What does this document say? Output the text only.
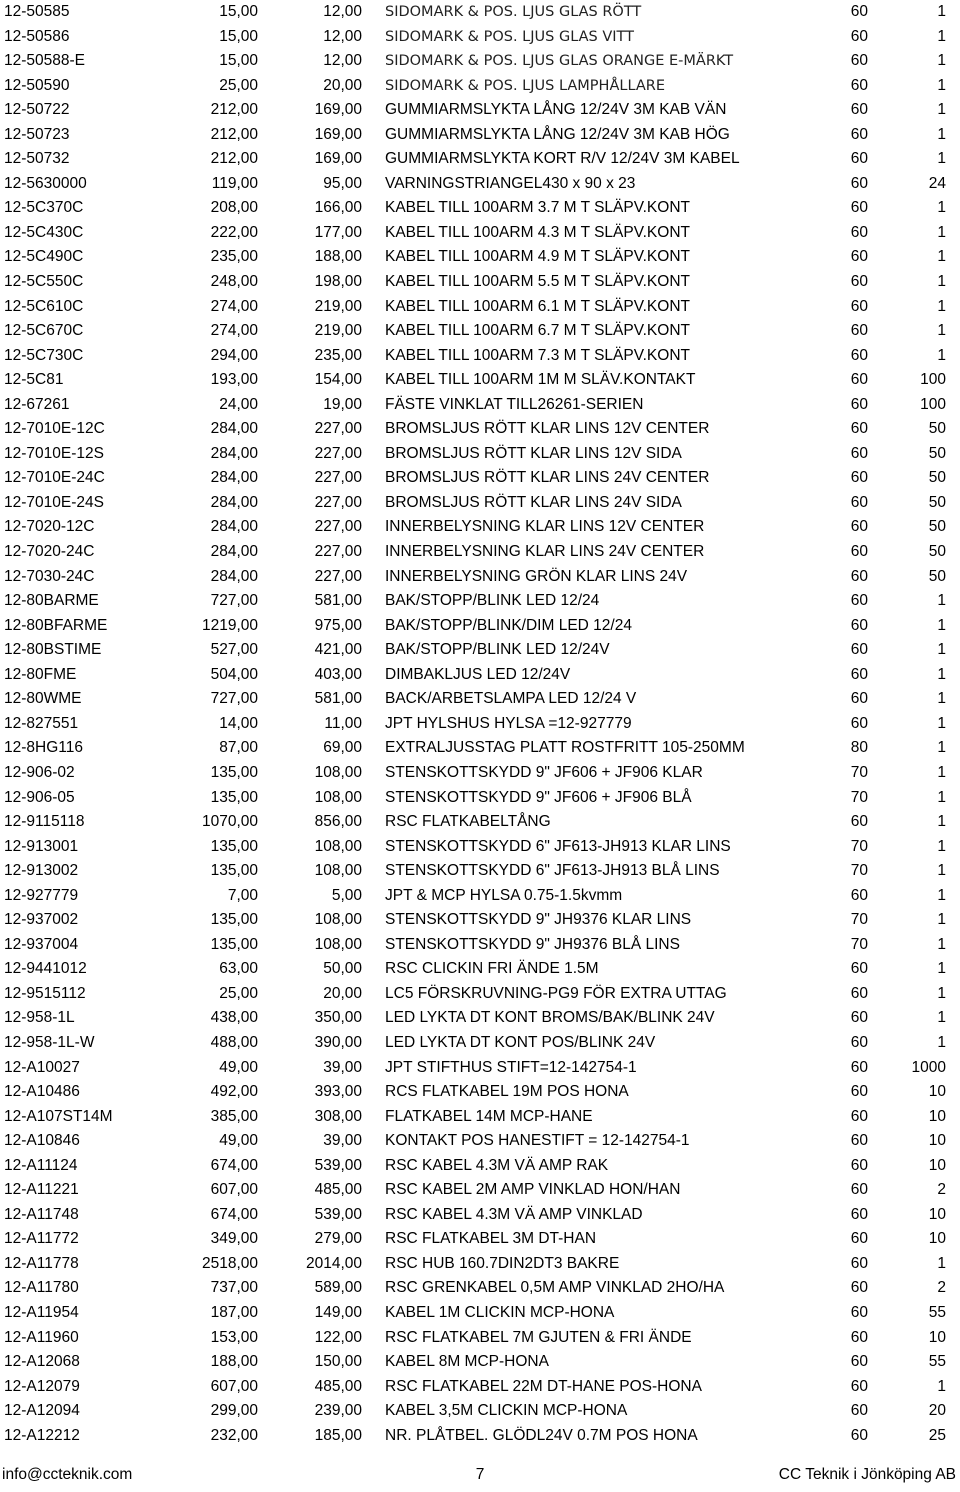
12-50585	15,00	12,00 SIDOMARK & POS. LJUS GLAS RÖTT	60	1
12-50586	15,00	12,00 SIDOMARK & POS. LJUS GLAS VITT	60	1
12-50588-E	15,00	12,00 SIDOMARK & POS. LJUS GLAS ORANGE E-MÄRKT	60	1
12-50590	25,00	20,00 SIDOMARK & POS. LJUS LAMPHÅLLARE	60	1
12-50722	212,00	169,00 GUMMIARMSLYKTA LÅNG 12/24V 3M KAB VÄN	60	1
12-50723	212,00	169,00 GUMMIARMSLYKTA LÅNG 12/24V 3M KAB HÖG	60	1
12-50732	212,00	169,00 GUMMIARMSLYKTA KORT R/V 12/24V 3M KABEL	60	1
12-5630000	119,00	95,00 VARNINGSTRIANGEL430 x 90 x 23	60	24
12-5C370C	208,00	166,00 KABEL TILL 100ARM 3.7 M T SLÄPV.KONT	60	1
12-5C430C	222,00	177,00 KABEL TILL 100ARM 4.3 M T SLÄPV.KONT	60	1
12-5C490C	235,00	188,00 KABEL TILL 100ARM 4.9 M T SLÄPV.KONT	60	1
12-5C550C	248,00	198,00 KABEL TILL 100ARM 5.5 M T SLÄPV.KONT	60	1
12-5C610C	274,00	219,00 KABEL TILL 100ARM 6.1 M T SLÄPV.KONT	60	1
12-5C670C	274,00	219,00 KABEL TILL 100ARM 6.7 M T SLÄPV.KONT	60	1
12-5C730C	294,00	235,00 KABEL TILL 100ARM 7.3 M T SLÄPV.KONT	60	1
12-5C81	193,00	154,00 KABEL TILL 100ARM 1M M SLÄV.KONTAKT	60	100
12-67261	24,00	19,00 FÄSTE VINKLAT TILL26261-SERIEN	60	100
12-7010E-12C	284,00	227,00 BROMSLJUS RÖTT KLAR LINS 12V CENTER	60	50
12-7010E-12S	284,00	227,00 BROMSLJUS RÖTT KLAR LINS 12V SIDA	60	50
12-7010E-24C	284,00	227,00 BROMSLJUS RÖTT KLAR LINS 24V CENTER	60	50
12-7010E-24S	284,00	227,00 BROMSLJUS RÖTT KLAR LINS 24V SIDA	60	50
12-7020-12C	284,00	227,00 INNERBELYSNING KLAR LINS 12V CENTER	60	50
12-7020-24C	284,00	227,00 INNERBELYSNING KLAR LINS 24V CENTER	60	50
12-7030-24C	284,00	227,00 INNERBELYSNING GRÖN KLAR LINS 24V	60	50
12-80BARME	727,00	581,00 BAK/STOPP/BLINK LED 12/24	60	1
12-80BFARME	1219,00	975,00 BAK/STOPP/BLINK/DIM LED 12/24	60	1
12-80BSTIME	527,00	421,00 BAK/STOPP/BLINK LED 12/24V	60	1
12-80FME	504,00	403,00 DIMBAKLJUS LED 12/24V	60	1
12-80WME	727,00	581,00 BACK/ARBETSLAMPA LED 12/24 V	60	1
12-827551	14,00	11,00 JPT HYLSHUS HYLSA =12-927779	60	1
12-8HG116	87,00	69,00 EXTRALJUSSTAG PLATT ROSTFRITT 105-250MM	80	1
12-906-02	135,00	108,00 STENSKOTTSKYDD 9" JF606 + JF906 KLAR	70	1
12-906-05	135,00	108,00 STENSKOTTSKYDD 9" JF606 + JF906 BLÅ	70	1
12-9115118	1070,00	856,00 RSC FLATKABELTÅNG	60	1
12-913001	135,00	108,00 STENSKOTTSKYDD 6" JF613-JH913 KLAR LINS	70	1
12-913002	135,00	108,00 STENSKOTTSKYDD 6" JF613-JH913 BLÅ LINS	70	1
12-927779	7,00	5,00 JPT & MCP HYLSA 0.75-1.5kvmm	60	1
12-937002	135,00	108,00 STENSKOTTSKYDD 9" JH9376 KLAR LINS	70	1
12-937004	135,00	108,00 STENSKOTTSKYDD 9" JH9376 BLÅ LINS	70	1
12-9441012	63,00	50,00 RSC CLICKIN FRI ÄNDE 1.5M	60	1
12-9515112	25,00	20,00 LC5 FÖRSKRUVNING-PG9 FÖR EXTRA UTTAG	60	1
12-958-1L	438,00	350,00 LED LYKTA DT KONT BROMS/BAK/BLINK 24V	60	1
12-958-1L-W	488,00	390,00 LED LYKTA DT KONT POS/BLINK 24V	60	1
12-A10027	49,00	39,00 JPT STIFTHUS STIFT=12-142754-1	60	1000
12-A10486	492,00	393,00 RCS FLATKABEL 19M POS HONA	60	10
12-A107ST14M	385,00	308,00 FLATKABEL 14M MCP-HANE	60	10
12-A10846	49,00	39,00 KONTAKT POS HANESTIFT = 12-142754-1	60	10
12-A11124	674,00	539,00 RSC KABEL 4.3M VÄ AMP RAK	60	10
12-A11221	607,00	485,00 RSC KABEL 2M AMP VINKLAD HON/HAN	60	2
12-A11748	674,00	539,00 RSC KABEL 4.3M VÄ AMP VINKLAD	60	10
12-A11772	349,00	279,00 RSC FLATKABEL 3M DT-HAN	60	10
12-A11778	2518,00	2014,00 RSC HUB 160.7DIN2DT3 BAKRE	60	1
12-A11780	737,00	589,00 RSC GRENKABEL 0,5M AMP VINKLAD 2HO/HA	60	2
12-A11954	187,00	149,00 KABEL 1M CLICKIN MCP-HONA	60	55
12-A11960	153,00	122,00 RSC FLATKABEL 7M GJUTEN & FRI ÄNDE	60	10
12-A12068	188,00	150,00 KABEL 8M MCP-HONA	60	55
12-A12079	607,00	485,00 RSC FLATKABEL 22M DT-HANE POS-HONA	60	1
12-A12094	299,00	239,00 KABEL 3,5M CLICKIN MCP-HONA	60	20
12-A12212	232,00	185,00 NR. PLÅTBEL. GLÖDL24V 0.7M POS HONA	60	25
info@ccteknik.com	7	CC Teknik i Jönköping AB
